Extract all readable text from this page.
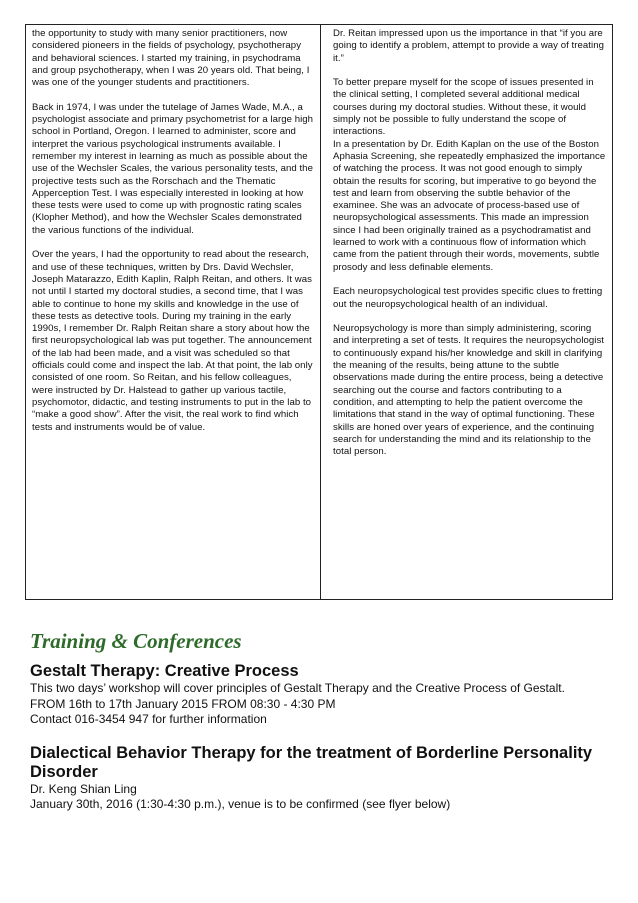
the opportunity to study with many senior practitioners, now considered pioneers in the fields of psychology, psychotherapy and behavioral sciences. I started my training, in psychodrama and group psychotherapy, when I was 20 years old. That being, I was one of the younger students and practitioners.

Back in 1974, I was under the tutelage of James Wade, M.A., a psychologist associate and primary psychometrist for a large high school in Portland, Oregon. I learned to administer, score and interpret the various psychological instruments available. I remember my interest in learning as much as possible about the use of the Wechsler Scales, the various personality tests, and the projective tests such as the Rorschach and the Thematic Apperception Test. I was especially interested in looking at how these tests were used to come up with prognostic rating scales (Klopher Method), and how the Wechsler Scales demonstrated the various functions of the individual.

Over the years, I had the opportunity to read about the research, and use of these techniques, written by Drs. David Wechsler, Joseph Matarazzo, Edith Kaplin, Ralph Reitan, and others. It was not until I started my doctoral studies, a second time, that I was able to continue to hone my skills and knowledge in the use of these tests as detective tools. During my training in the early 1990s, I remember Dr. Ralph Reitan share a story about how the first neuropsychological lab was put together. The announcement of the lab had been made, and a visit was scheduled so that officials could come and inspect the lab. At that point, the lab only consisted of one room. So Reitan, and his fellow colleagues, were instructed by Dr. Halstead to gather up various tactile, psychomotor, didactic, and testing instruments to put in the lab to “make a good show”. After the visit, the real work to find which tests and instruments would be of value.

Dr. Reitan impressed upon us the importance in that “if you are going to identify a problem, attempt to provide a way of treating it.”

To better prepare myself for the scope of issues presented in the clinical setting, I completed several additional medical courses during my doctoral studies. Without these, it would simply not be possible to fully understand the scope of interactions.
In a presentation by Dr. Edith Kaplan on the use of the Boston Aphasia Screening, she repeatedly emphasized the importance of watching the process. It was not good enough to simply obtain the results for scoring, but imperative to go beyond the test and learn from observing the subtle behavior of the examinee. She was an advocate of process-based use of neuropsychological assessments. This made an impression since I had been originally trained as a psychodramatist and learned to work with a continuous flow of information which came from the patient through their words, movements, subtle prosody and less definable elements.

Each neuropsychological test provides specific clues to fretting out the neuropsychological health of an individual.

Neuropsychology is more than simply administering, scoring and interpreting a set of tests. It requires the neuropsychologist to continuously expand his/her knowledge and skill in clarifying the meaning of the results, being attune to the subtle observations made during the entire process, being a detective searching out the course and factors contributing to a condition, and attempting to help the patient overcome the limitations that stand in the way of optimal functioning. These skills are honed over years of experience, and the continuing search for understanding the mind and its relationship to the total person.

Training & Conferences
Gestalt Therapy: Creative Process

This two days’ workshop will cover principles of Gestalt Therapy and the Creative Process of Gestalt.

FROM 16th to 17th January 2015 FROM 08:30 - 4:30 PM

Contact 016-3454 947 for further information

Dialectical Behavior Therapy for the treatment of Borderline Personality Disorder

Dr. Keng Shian Ling

January 30th, 2016 (1:30-4:30 p.m.), venue is to be confirmed (see flyer below)
